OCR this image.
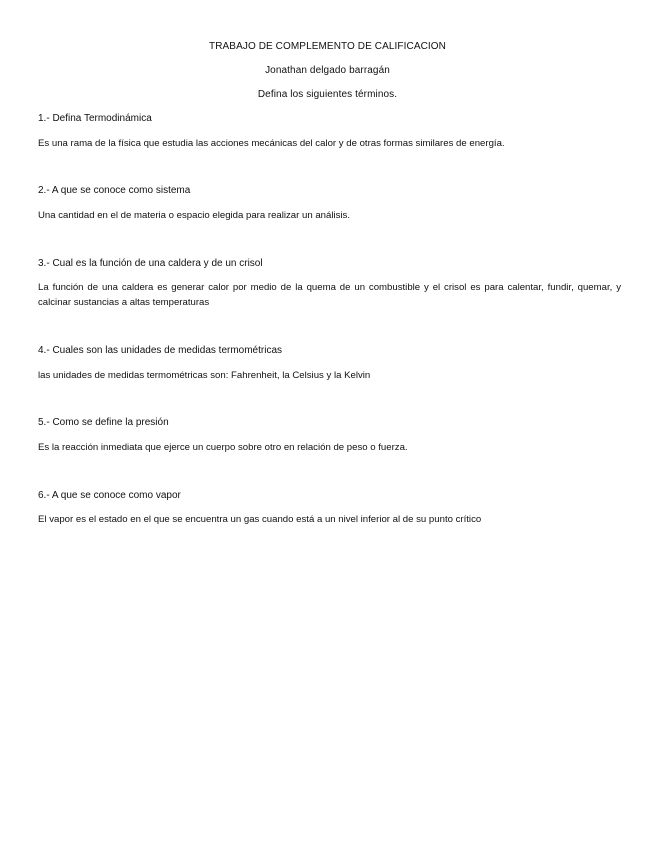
TRABAJO DE COMPLEMENTO DE CALIFICACION
Jonathan delgado barragán
Defina los siguientes términos.
1.- Defina Termodinámica
Es una rama de la física que estudia las acciones mecánicas del calor y de otras formas similares de energía.
2.- A que se conoce como sistema
Una cantidad en el de materia o espacio elegida para realizar un análisis.
3.- Cual es la función de una caldera y de un crisol
La función de una caldera es generar calor por medio de la quema de un combustible y el crisol es para calentar, fundir, quemar, y calcinar sustancias a altas temperaturas
4.- Cuales son las unidades de medidas termométricas
las unidades de medidas termométricas son: Fahrenheit, la Celsius y la Kelvin
5.- Como se define la presión
Es la reacción inmediata que ejerce un cuerpo sobre otro en relación de peso o fuerza.
6.- A que se conoce como vapor
El vapor es el estado en el que se encuentra un gas cuando está a un nivel inferior al de su punto crítico
